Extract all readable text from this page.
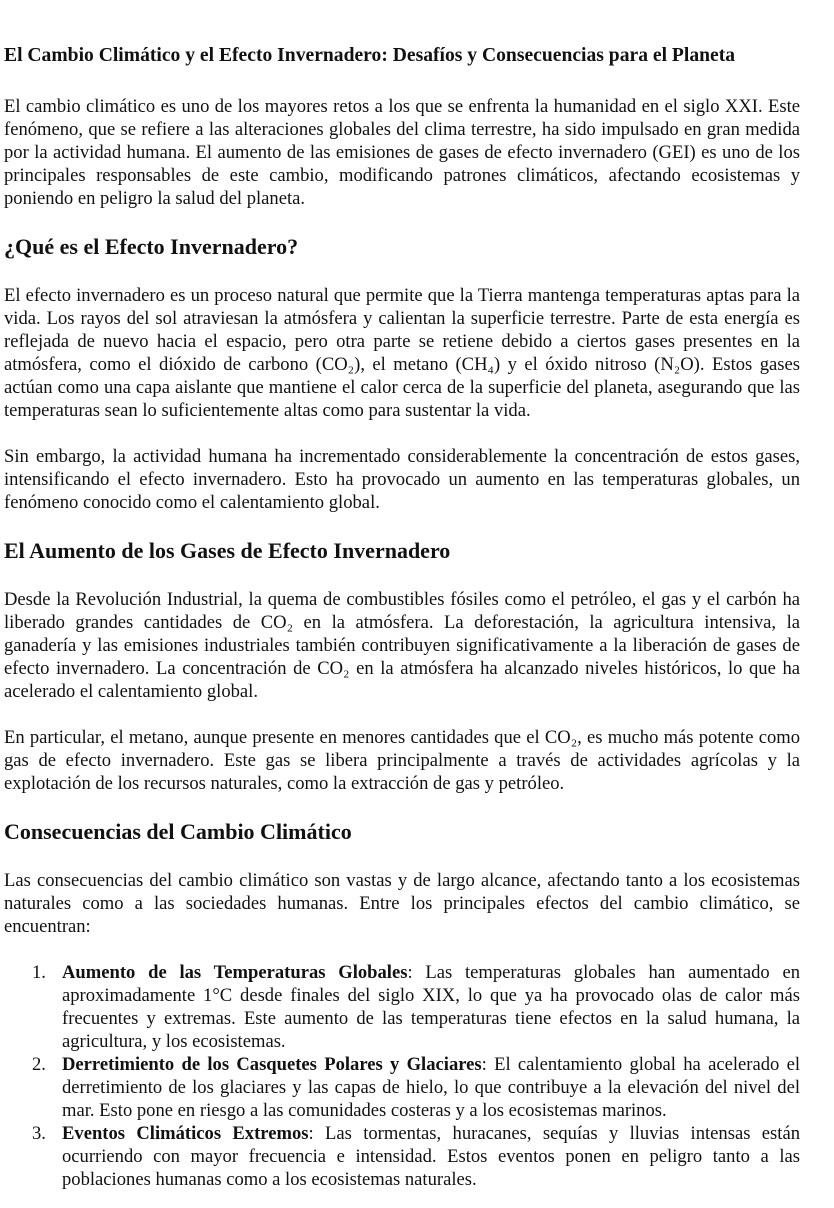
El Cambio Climático y el Efecto Invernadero: Desafíos y Consecuencias para el Planeta

El cambio climático es uno de los mayores retos a los que se enfrenta la humanidad en el siglo XXI. Este fenómeno, que se refiere a las alteraciones globales del clima terrestre, ha sido impulsado en gran medida por la actividad humana. El aumento de las emisiones de gases de efecto invernadero (GEI) es uno de los principales responsables de este cambio, modificando patrones climáticos, afectando ecosistemas y poniendo en peligro la salud del planeta.

¿Qué es el Efecto Invernadero?

El efecto invernadero es un proceso natural que permite que la Tierra mantenga temperaturas aptas para la vida. Los rayos del sol atraviesan la atmósfera y calientan la superficie terrestre. Parte de esta energía es reflejada de nuevo hacia el espacio, pero otra parte se retiene debido a ciertos gases presentes en la atmósfera, como el dióxido de carbono (CO₂), el metano (CH₄) y el óxido nitroso (N₂O). Estos gases actúan como una capa aislante que mantiene el calor cerca de la superficie del planeta, asegurando que las temperaturas sean lo suficientemente altas como para sustentar la vida.

Sin embargo, la actividad humana ha incrementado considerablemente la concentración de estos gases, intensificando el efecto invernadero. Esto ha provocado un aumento en las temperaturas globales, un fenómeno conocido como el calentamiento global.

El Aumento de los Gases de Efecto Invernadero

Desde la Revolución Industrial, la quema de combustibles fósiles como el petróleo, el gas y el carbón ha liberado grandes cantidades de CO₂ en la atmósfera. La deforestación, la agricultura intensiva, la ganadería y las emisiones industriales también contribuyen significativamente a la liberación de gases de efecto invernadero. La concentración de CO₂ en la atmósfera ha alcanzado niveles históricos, lo que ha acelerado el calentamiento global.

En particular, el metano, aunque presente en menores cantidades que el CO₂, es mucho más potente como gas de efecto invernadero. Este gas se libera principalmente a través de actividades agrícolas y la explotación de los recursos naturales, como la extracción de gas y petróleo.

Consecuencias del Cambio Climático

Las consecuencias del cambio climático son vastas y de largo alcance, afectando tanto a los ecosistemas naturales como a las sociedades humanas. Entre los principales efectos del cambio climático, se encuentran:

1. Aumento de las Temperaturas Globales: Las temperaturas globales han aumentado en aproximadamente 1°C desde finales del siglo XIX, lo que ya ha provocado olas de calor más frecuentes y extremas. Este aumento de las temperaturas tiene efectos en la salud humana, la agricultura, y los ecosistemas.
2. Derretimiento de los Casquetes Polares y Glaciares: El calentamiento global ha acelerado el derretimiento de los glaciares y las capas de hielo, lo que contribuye a la elevación del nivel del mar. Esto pone en riesgo a las comunidades costeras y a los ecosistemas marinos.
3. Eventos Climáticos Extremos: Las tormentas, huracanes, sequías y lluvias intensas están ocurriendo con mayor frecuencia e intensidad. Estos eventos ponen en peligro tanto a las poblaciones humanas como a los ecosistemas naturales.
